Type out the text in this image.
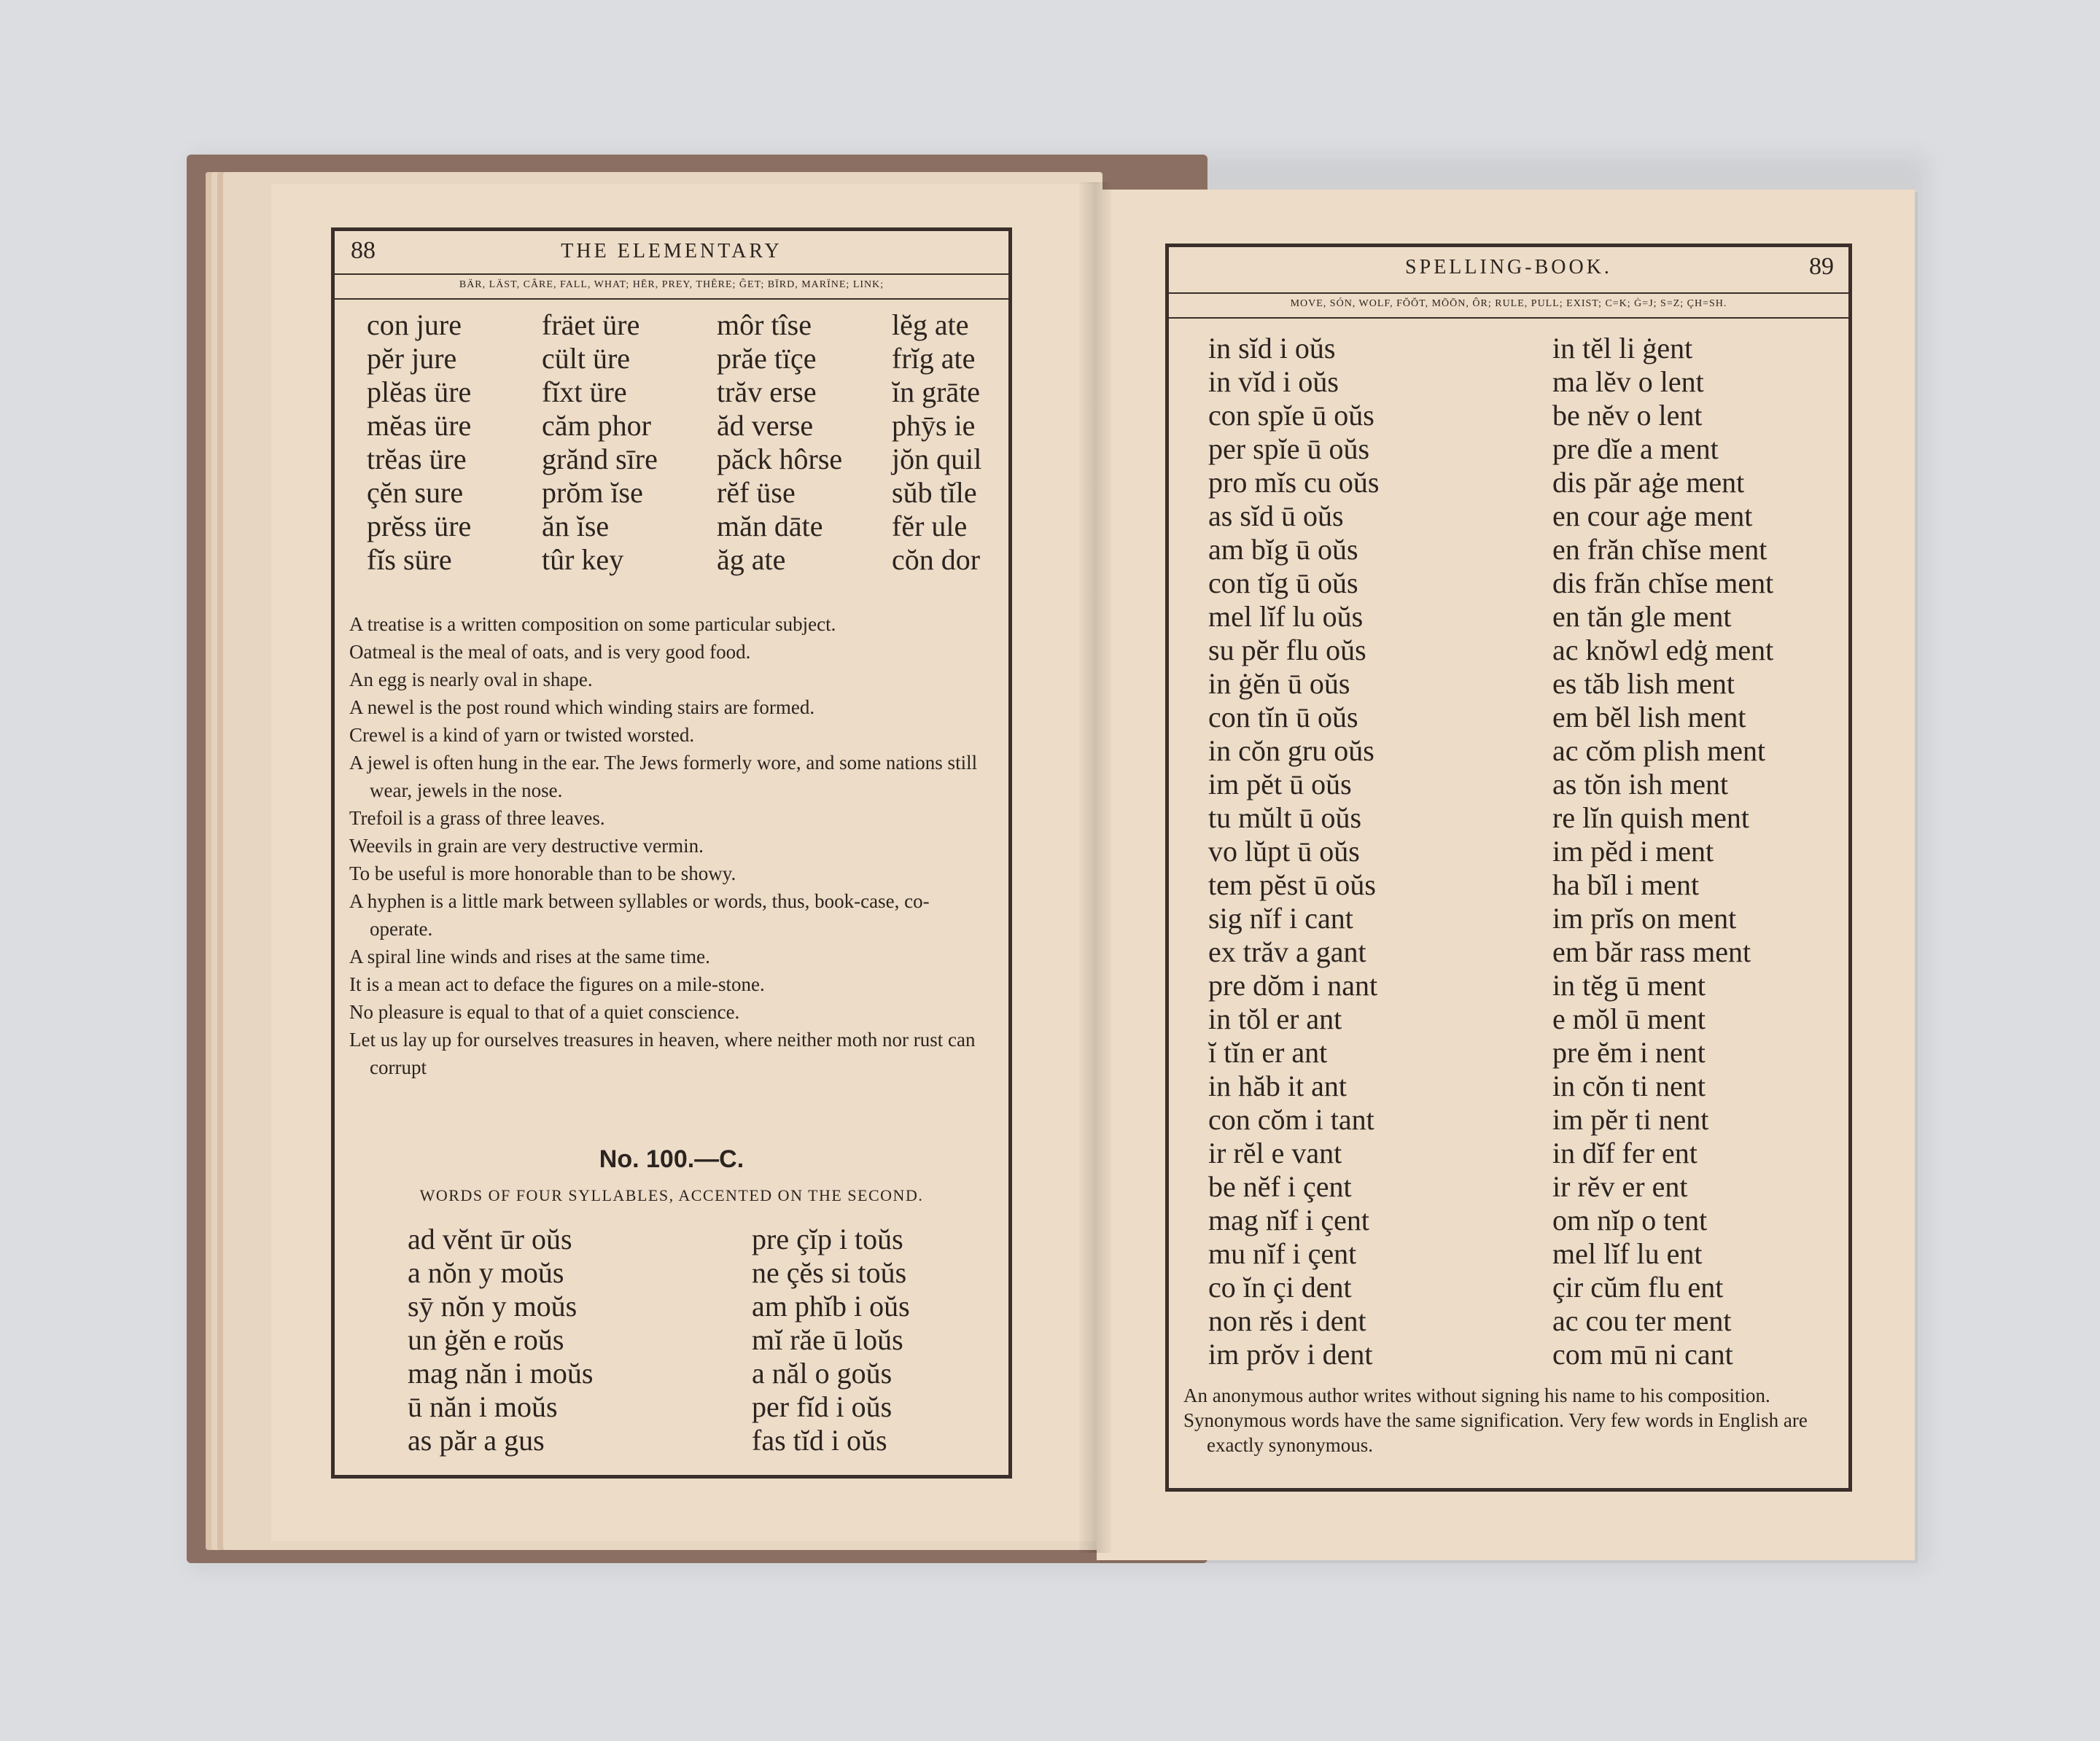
88	THE ELEMENTARY
BÄR, LÄST, CÂRE, FALL, WHAT; HĒR, PREY, THÊRE; ĜET; BĪRD, MARÏNE; LINK;
con jure	fräet üre	môr tîse	lĕg ate
pĕr jure	cült üre	prăe tïçe	frĭg ate
plĕas üre	fĭxt üre	trăv erse	ĭn grāte
mĕas üre	căm phor	ăd verse	phȳs ie
trĕas üre	grănd sīre	păck hôrse	jŏn quil
çĕn sure	prŏm ĭse	rĕf üse	sŭb tĭle
prĕss üre	ăn ĭse	măn dāte	fĕr ule
fĭs süre	tûr key	ăg ate	cŏn dor

A treatise is a written composition on some particular subject.

Oatmeal is the meal of oats, and is very good food.

An egg is nearly oval in shape.

A newel is the post round which winding stairs are formed.

Crewel is a kind of yarn or twisted worsted.

A jewel is often hung in the ear. The Jews formerly wore, and some nations still wear, jewels in the nose.

Trefoil is a grass of three leaves.

Weevils in grain are very destructive vermin.

To be useful is more honorable than to be showy.

A hyphen is a little mark between syllables or words, thus, book-case, co-operate.

A spiral line winds and rises at the same time.

It is a mean act to deface the figures on a mile-stone.

No pleasure is equal to that of a quiet conscience.

Let us lay up for ourselves treasures in heaven, where neither moth nor rust can corrupt

No. 100.—C.
WORDS OF FOUR SYLLABLES, ACCENTED ON THE SECOND.
ad vĕnt ūr oŭs	pre çĭp i toŭs
a nŏn y moŭs	ne çĕs si toŭs
sȳ nŏn y moŭs	am phĭb i oŭs
un ġĕn e roŭs	mĭ răe ū loŭs
mag năn i moŭs	a năl o goŭs
ū năn i moŭs	per fĭd i oŭs
as păr a gus	fas tĭd i oŭs
SPELLING-BOOK.	89
MOVE, SÓN, WOLF, FŎŎT, MŌŌN, ÔR; RULE, PULL; EXIST; C=K; Ġ=J; S=Z; ÇH=SH.
in sĭd i oŭs	in tĕl li ġent
in vĭd i oŭs	ma lĕv o lent
con spĭe ū oŭs	be nĕv o lent
per spĭe ū oŭs	pre dĭe a ment
pro mĭs cu oŭs	dis păr aġe ment
as sĭd ū oŭs	en cour aġe ment
am bĭg ū oŭs	en frăn chĭse ment
con tĭg ū oŭs	dis frăn chĭse ment
mel lĭf lu oŭs	en tăn gle ment
su pĕr flu oŭs	ac knŏwl edġ ment
in ġĕn ū oŭs	es tăb lish ment
con tĭn ū oŭs	em bĕl lish ment
in cŏn gru oŭs	ac cŏm plish ment
im pĕt ū oŭs	as tŏn ish ment
tu mŭlt ū oŭs	re lĭn quish ment
vo lŭpt ū oŭs	im pĕd i ment
tem pĕst ū oŭs	ha bĭl i ment
sig nĭf i cant	im prĭs on ment
ex trăv a gant	em băr rass ment
pre dŏm i nant	in tĕg ū ment
in tŏl er ant	e mŏl ū ment
ĭ tĭn er ant	pre ĕm i nent
in hăb it ant	in cŏn ti nent
con cŏm i tant	im pĕr ti nent
ir rĕl e vant	in dĭf fer ent
be nĕf i çent	ir rĕv er ent
mag nĭf i çent	om nĭp o tent
mu nĭf i çent	mel lĭf lu ent
co ĭn çi dent	çir cŭm flu ent
non rĕs i dent	ac cou ter ment
im prŏv i dent	com mū ni cant

An anonymous author writes without signing his name to his composition.

Synonymous words have the same signification. Very few words in English are exactly synonymous.
